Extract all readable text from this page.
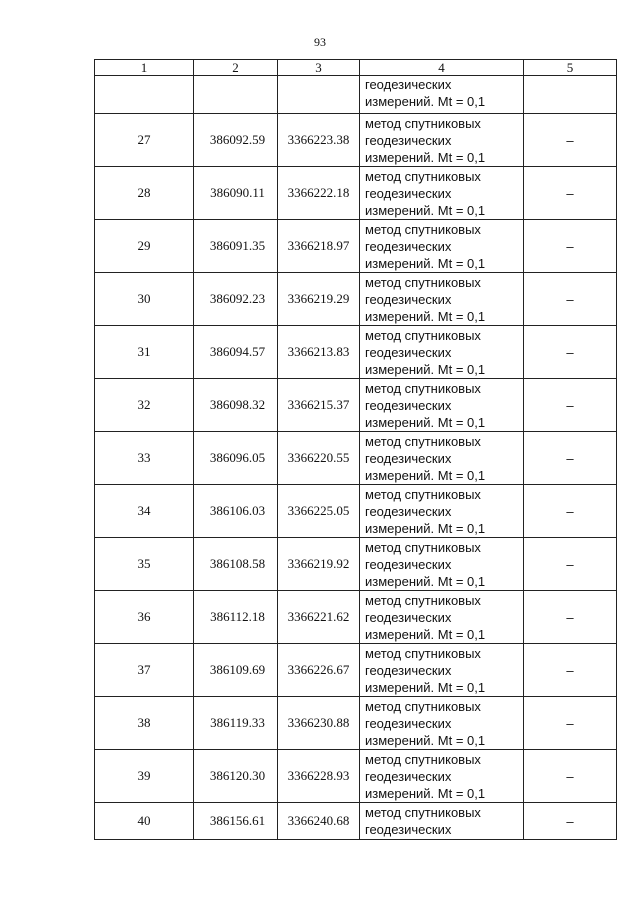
93
1	2	3	4	5

			геодезических
измерений. Mt = 0,1	

27	386092.59	3366223.38	метод спутниковых
геодезических
измерений. Mt = 0,1	–
28	386090.11	3366222.18	метод спутниковых
геодезических
измерений. Mt = 0,1	–
29	386091.35	3366218.97	метод спутниковых
геодезических
измерений. Mt = 0,1	–
30	386092.23	3366219.29	метод спутниковых
геодезических
измерений. Mt = 0,1	–
31	386094.57	3366213.83	метод спутниковых
геодезических
измерений. Mt = 0,1	–
32	386098.32	3366215.37	метод спутниковых
геодезических
измерений. Mt = 0,1	–
33	386096.05	3366220.55	метод спутниковых
геодезических
измерений. Mt = 0,1	–
34	386106.03	3366225.05	метод спутниковых
геодезических
измерений. Mt = 0,1	–
35	386108.58	3366219.92	метод спутниковых
геодезических
измерений. Mt = 0,1	–
36	386112.18	3366221.62	метод спутниковых
геодезических
измерений. Mt = 0,1	–
37	386109.69	3366226.67	метод спутниковых
геодезических
измерений. Mt = 0,1	–
38	386119.33	3366230.88	метод спутниковых
геодезических
измерений. Mt = 0,1	–
39	386120.30	3366228.93	метод спутниковых
геодезических
измерений. Mt = 0,1	–
40	386156.61	3366240.68	метод спутниковых
геодезических	–
